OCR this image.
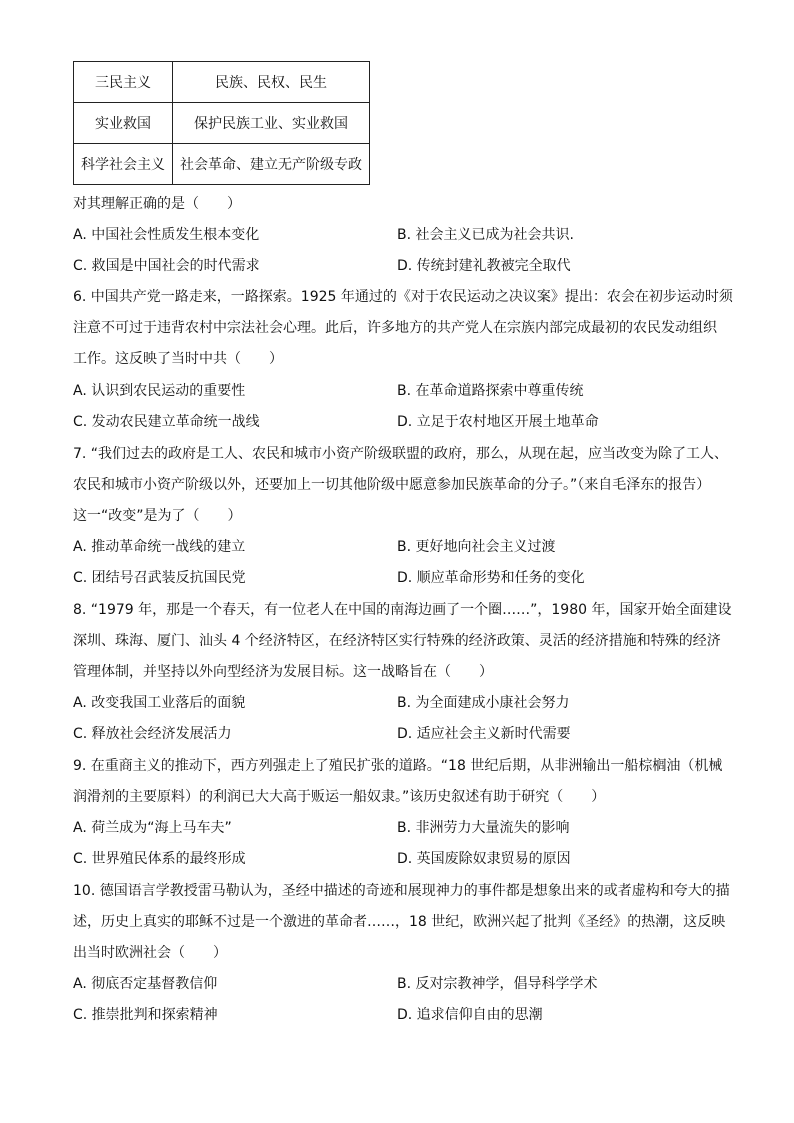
三民主义	民族、民权、民生
实业救国	保护民族工业、实业救国
科学社会主义	社会革命、建立无产阶级专政
对其理解正确的是（　　）
A. 中国社会性质发生根本变化	B. 社会主义已成为社会共识.
C. 救国是中国社会的时代需求	D. 传统封建礼教被完全取代
6. 中国共产党一路走来，一路探索。1925 年通过的《对于农民运动之决议案》提出：农会在初步运动时须
注意不可过于违背农村中宗法社会心理。此后，许多地方的共产党人在宗族内部完成最初的农民发动组织
工作。这反映了当时中共（　　）
A. 认识到农民运动的重要性	B. 在革命道路探索中尊重传统
C. 发动农民建立革命统一战线	D. 立足于农村地区开展土地革命
7. “我们过去的政府是工人、农民和城市小资产阶级联盟的政府，那么，从现在起，应当改变为除了工人、
农民和城市小资产阶级以外，还要加上一切其他阶级中愿意参加民族革命的分子。”（来自毛泽东的报告）
这一“改变”是为了（　　）
A. 推动革命统一战线的建立	B. 更好地向社会主义过渡
C. 团结号召武装反抗国民党	D. 顺应革命形势和任务的变化
8. “1979 年，那是一个春天，有一位老人在中国的南海边画了一个圈……”，1980 年，国家开始全面建设
深圳、珠海、厦门、汕头 4 个经济特区，在经济特区实行特殊的经济政策、灵活的经济措施和特殊的经济
管理体制，并坚持以外向型经济为发展目标。这一战略旨在（　　）
A. 改变我国工业落后的面貌	B. 为全面建成小康社会努力
C. 释放社会经济发展活力	D. 适应社会主义新时代需要
9. 在重商主义的推动下，西方列强走上了殖民扩张的道路。“18 世纪后期，从非洲输出一船棕榈油（机械
润滑剂的主要原料）的利润已大大高于贩运一船奴隶。”该历史叙述有助于研究（　　）
A. 荷兰成为“海上马车夫”	B. 非洲劳力大量流失的影响
C. 世界殖民体系的最终形成	D. 英国废除奴隶贸易的原因
10. 德国语言学教授雷马勒认为，圣经中描述的奇迹和展现神力的事件都是想象出来的或者虚构和夸大的描
述，历史上真实的耶稣不过是一个激进的革命者……，18 世纪，欧洲兴起了批判《圣经》的热潮，这反映
出当时欧洲社会（　　）
A. 彻底否定基督教信仰	B. 反对宗教神学，倡导科学学术
C. 推崇批判和探索精神	D. 追求信仰自由的思潮
